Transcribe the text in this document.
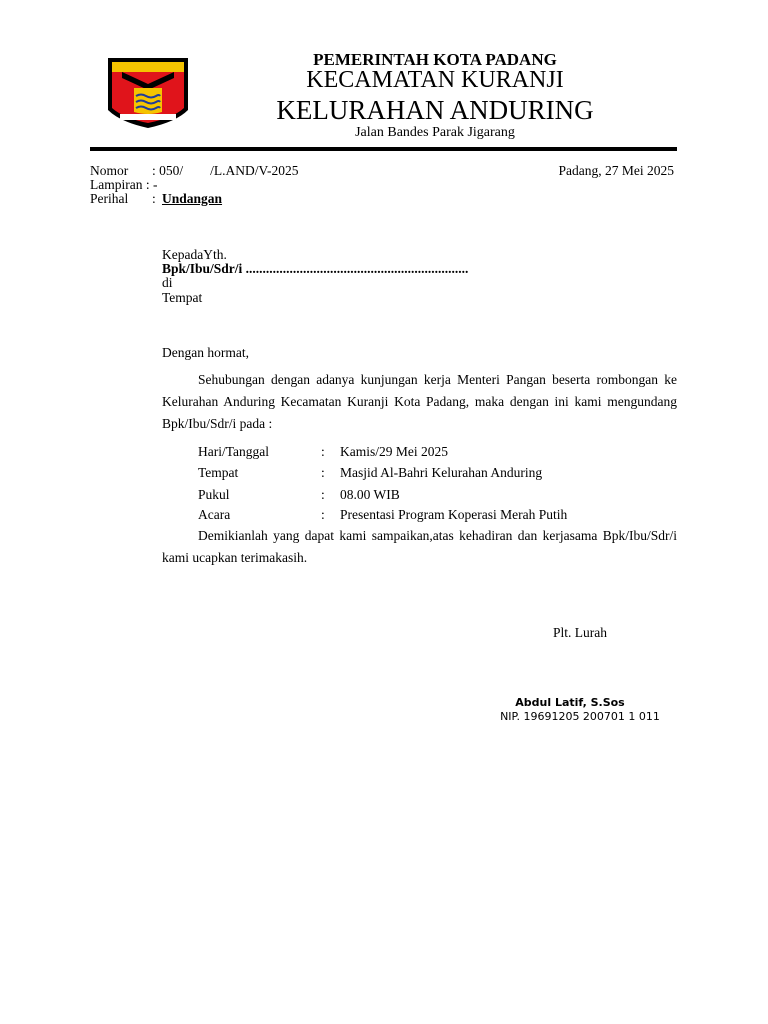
PEMERINTAH KOTA PADANG
KECAMATAN KURANJI
KELURAHAN ANDURING
Jalan Bandes Parak Jigarang
Nomor : 050/        /L.AND/V-2025	Padang, 27 Mei 2025
Lampiran : -
Perihal : Undangan
KepadaYth.
Bpk/Ibu/Sdr/i ..................................................................
di
Tempat
Dengan hormat,
Sehubungan dengan adanya kunjungan kerja Menteri Pangan beserta rombongan ke Kelurahan Anduring Kecamatan Kuranji Kota Padang, maka dengan ini kami mengundang Bpk/Ibu/Sdr/i pada :
Hari/Tanggal	: Kamis/29 Mei 2025
Tempat	: Masjid Al-Bahri Kelurahan Anduring
Pukul	: 08.00 WIB
Acara	: Presentasi Program Koperasi Merah Putih
Demikianlah yang dapat kami sampaikan,atas kehadiran dan kerjasama Bpk/Ibu/Sdr/i kami ucapkan terimakasih.
Plt. Lurah
Abdul Latif, S.Sos
NIP. 19691205 200701 1 011
